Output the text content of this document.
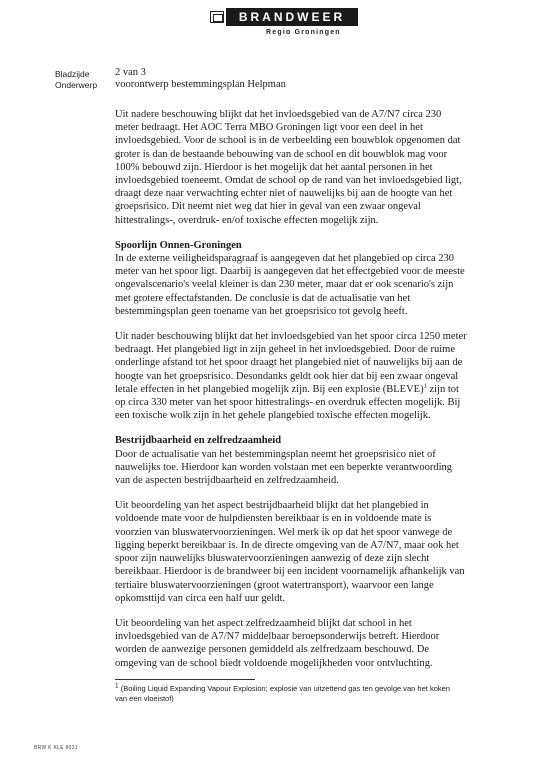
BRANDWEER
Regio Groningen
Bladzijde
Onderwerp
2 van 3
voorontwerp bestemmingsplan Helpman

Uit nadere beschouwing blijkt dat het invloedsgebied van de A7/N7 circa 230 meter bedraagt. Het AOC Terra MBO Groningen ligt voor een deel in het invloedsgebied. Voor de school is in de verbeelding een bouwblok opgenomen dat groter is dan de bestaande bebouwing van de school en dit bouwblok mag voor 100% bebouwd zijn. Hierdoor is het mogelijk dat het aantal personen in het invloedsgebied toeneemt. Omdat de school op de rand van het invloedsgebied ligt, draagt deze naar verwachting echter niet of nauwelijks bij aan de hoogte van het groepsrisico. Dit neemt niet weg dat hier in geval van een zwaar ongeval hittestralings-, overdruk- en/of toxische effecten mogelijk zijn.

Spoorlijn Onnen-Groningen

In de externe veiligheidsparagraaf is aangegeven dat het plangebied op circa 230 meter van het spoor ligt. Daarbij is aangegeven dat het effectgebied voor de meeste ongevalscenario's veelal kleiner is dan 230 meter, maar dat er ook scenario's zijn met grotere effectafstanden. De conclusie is dat de actualisatie van het bestemmingsplan geen toename van het groepsrisico tot gevolg heeft.

Uit nader beschouwing blijkt dat het invloedsgebied van het spoor circa 1250 meter bedraagt. Het plangebied ligt in zijn geheel in het invloedsgebied. Door de ruime onderlinge afstand tot het spoor draagt het plangebied niet of nauwelijks bij aan de hoogte van het groepsrisico. Desondanks geldt ook hier dat bij een zwaar ongeval letale effecten in het plangebied mogelijk zijn. Bij een explosie (BLEVE)$^1$ zijn tot op circa 330 meter van het spoor hittestralings- en overdruk effecten mogelijk. Bij een toxische wolk zijn in het gehele plangebied toxische effecten mogelijk.

Bestrijdbaarheid en zelfredzaamheid

Door de actualisatie van het bestemmingsplan neemt het groepsrisico niet of nauwelijks toe. Hierdoor kan worden volstaan met een beperkte verantwoording van de aspecten bestrijdbaarheid en zelfredzaamheid.

Uit beoordeling van het aspect bestrijdbaarheid blijkt dat het plangebied in voldoende mate voor de hulpdiensten bereikbaar is en in voldoende mate is voorzien van bluswatervoorzieningen. Wel merk ik op dat het spoor vanwege de ligging beperkt bereikbaar is. In de directe omgeving van de A7/N7, maar ook het spoor zijn nauwelijks bluswatervoorzieningen aanwezig of deze zijn slecht bereikbaar. Hierdoor is de brandweer bij een incident voornamelijk afhankelijk van tertiaire bluswatervoorzieningen (groot watertransport), waarvoor een lange opkomsttijd van circa een half uur geldt.

Uit beoordeling van het aspect zelfredzaamheid blijkt dat school in het invloedsgebied van de A7/N7 middelbaar beroepsonderwijs betreft. Hierdoor worden de aanwezige personen gemiddeld als zelfredzaam beschouwd. De omgeving van de school biedt voldoende mogelijkheden voor ontvluchting.

$^1$ (Boiling Liquid Expanding Vapour Explosion; explosie van uitzettend gas ten gevolge van het koken van een vloeistof)
BRW K KLE 8031
